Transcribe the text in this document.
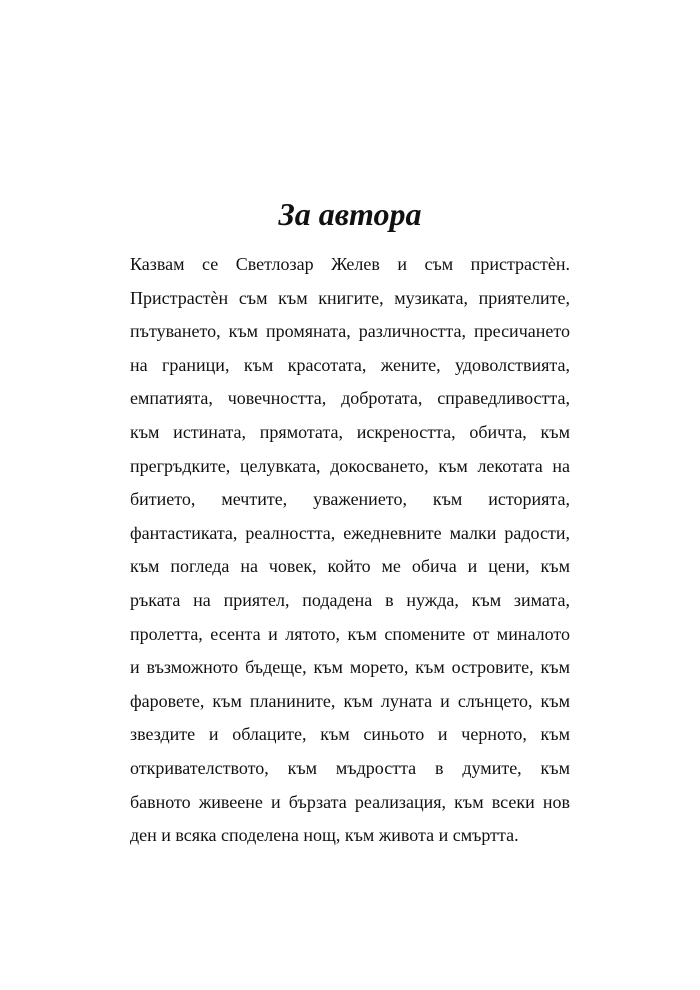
За автора
Казвам се Светлозар Желев и съм пристрастѐн.
Пристрастѐн съм към книгите, музиката, приятелите,
пътуването, към промяната, различността, пресичането
на граници, към красотата, жените, удоволствията,
емпатията, човечността, добротата, справедливостта,
към истината, прямотата, искреността, обичта, към
прегръдките, целувката, докосването, към лекотата на
битието, мечтите, уважението, към историята,
фантастиката, реалността, ежедневните малки радости,
към погледа на човек, който ме обича и цени, към
ръката на приятел, подадена в нужда, към зимата,
пролетта, есента и лятото, към спомените от миналото
и възможното бъдеще, към морето, към островите, към
фаровете, към планините, към луната и слънцето, към
звездите и облаците, към синьото и черното, към
откривателството, към мъдростта в думите, към
бавното живеене и бързата реализация, към всеки нов
ден и всяка споделена нощ, към живота и смъртта.
